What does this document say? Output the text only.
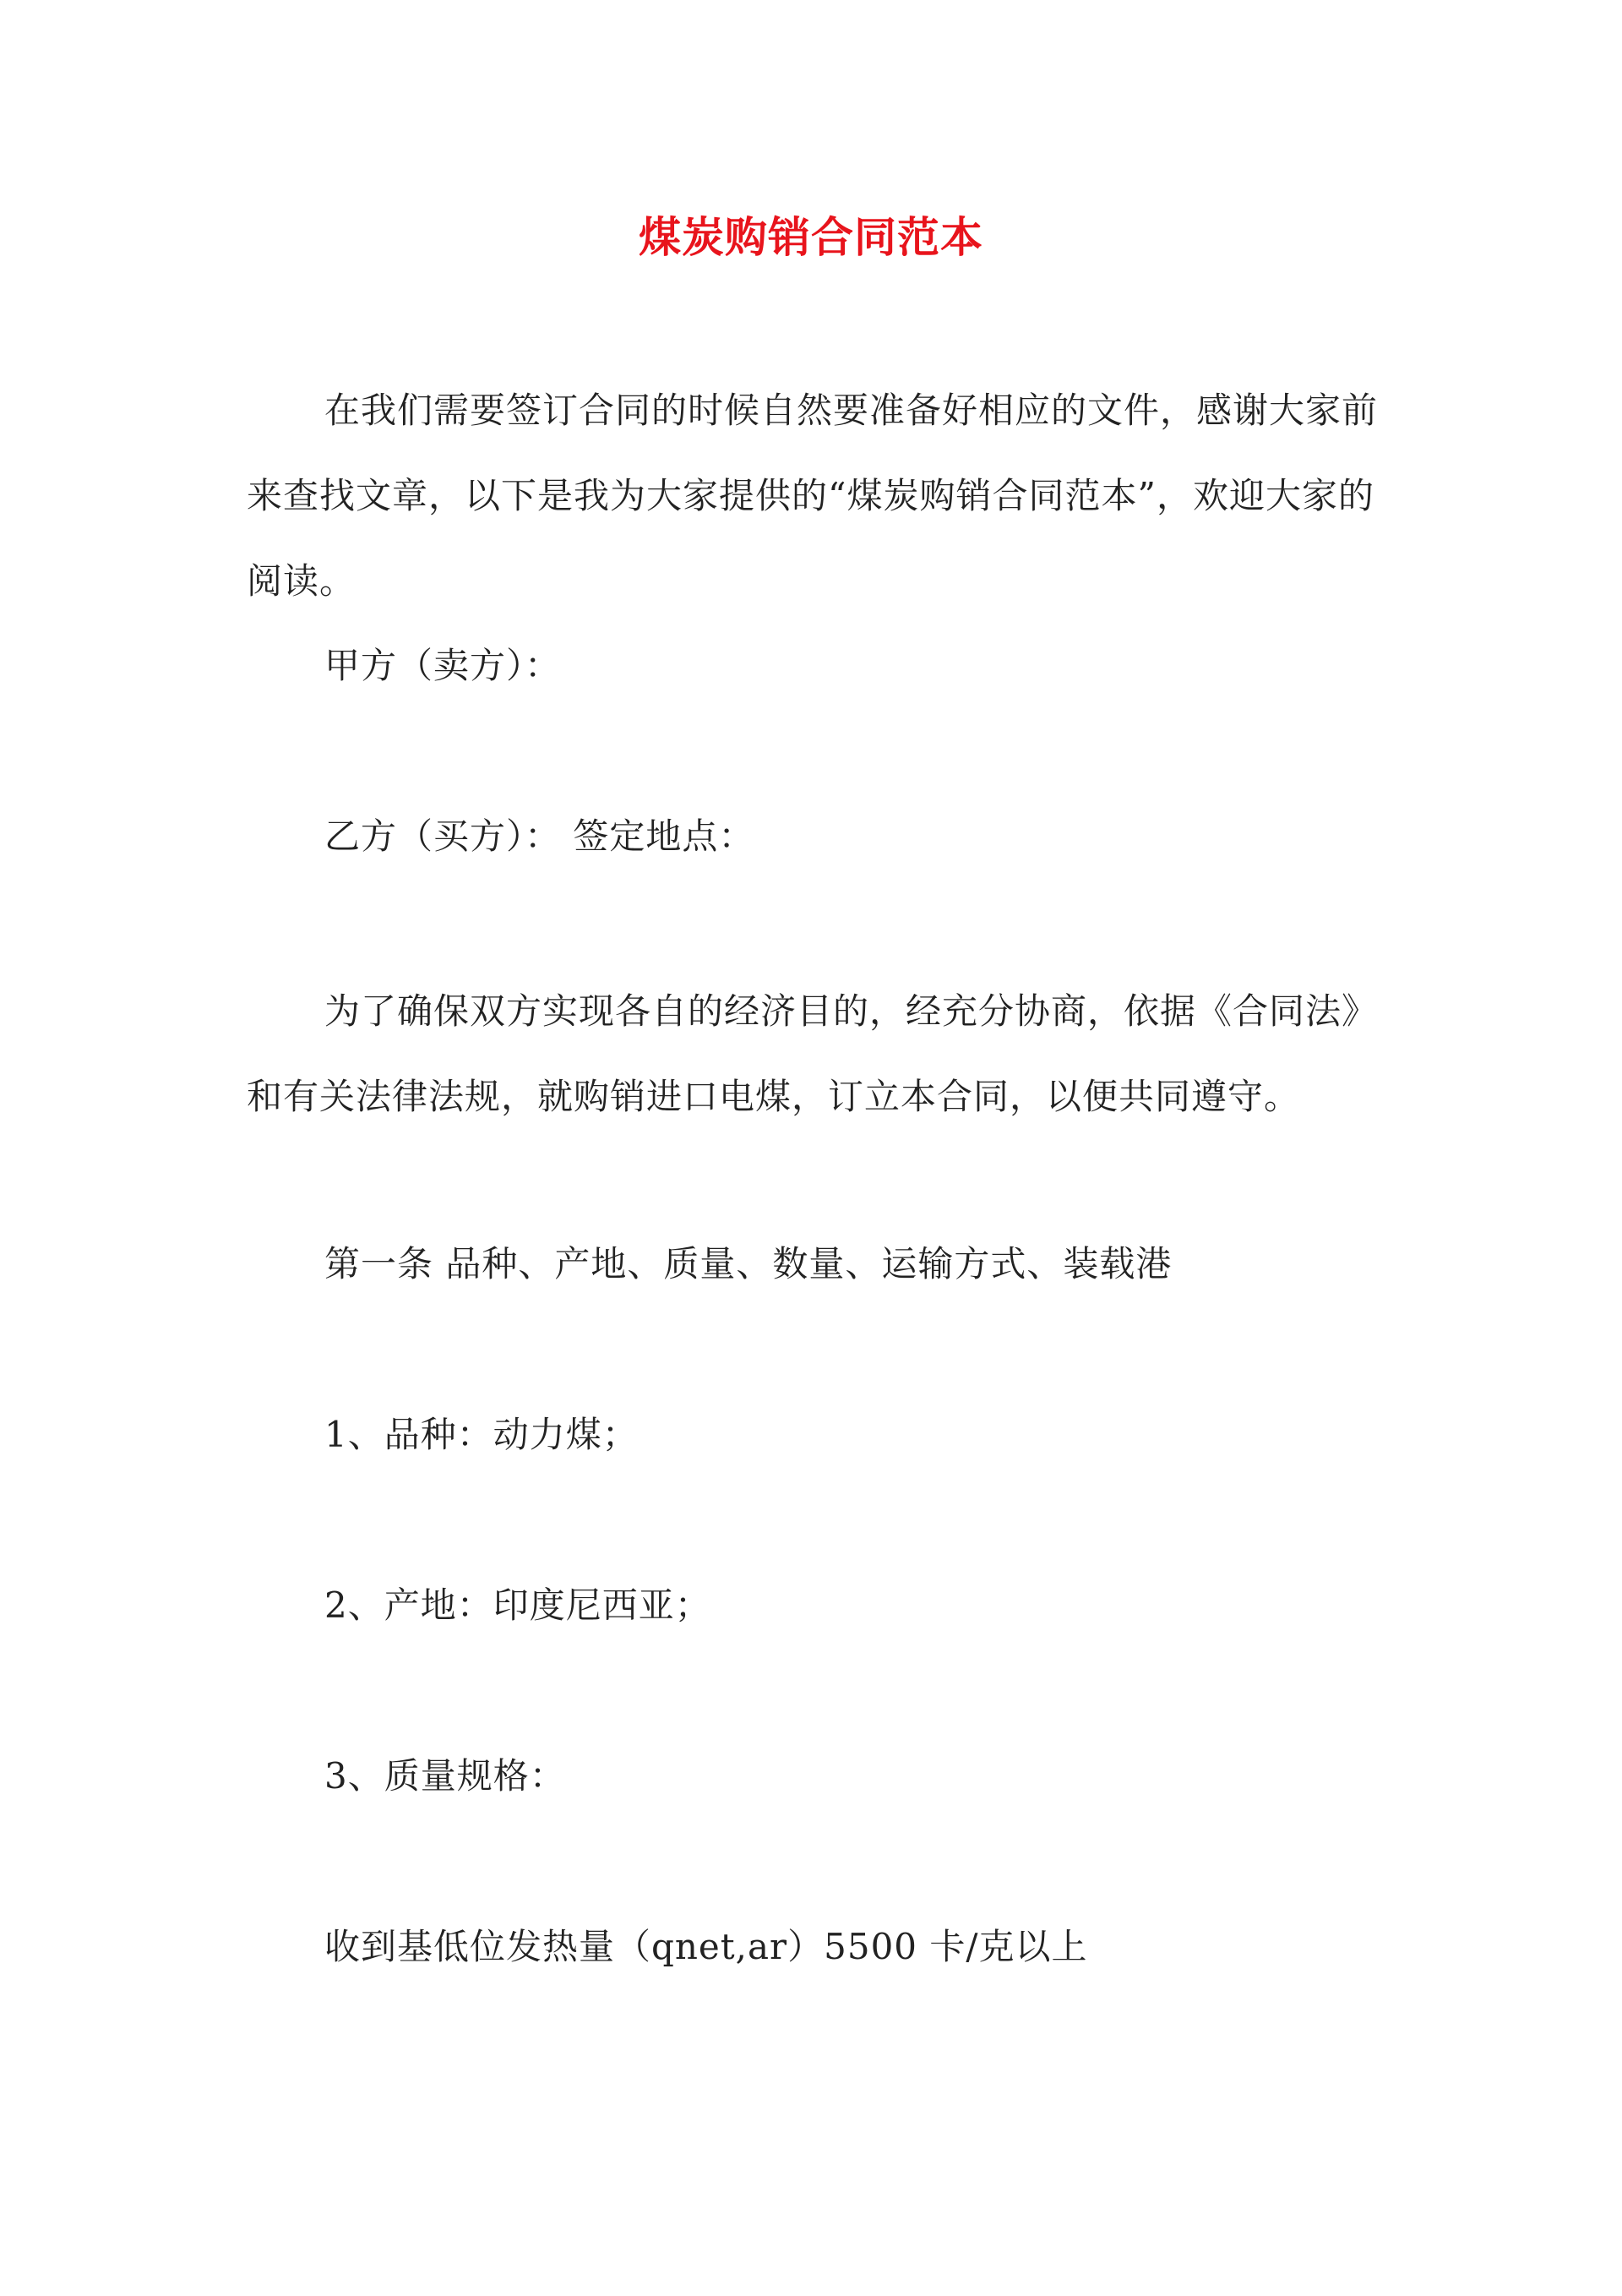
煤炭购销合同范本
在我们需要签订合同的时候自然要准备好相应的文件，感谢大家前来查找文章，以下是我为大家提供的“煤炭购销合同范本”，欢迎大家的阅读。
甲方（卖方）：
乙方（买方）： 签定地点：
为了确保双方实现各自的经济目的，经充分协商，依据《合同法》和有关法律法规，就购销进口电煤，订立本合同，以便共同遵守。
第一条 品种、产地、质量、数量、运输方式、装载港
1、品种：动力煤；
2、产地：印度尼西亚；
3、质量规格：
收到基低位发热量（qnet,ar）5500 卡/克以上
